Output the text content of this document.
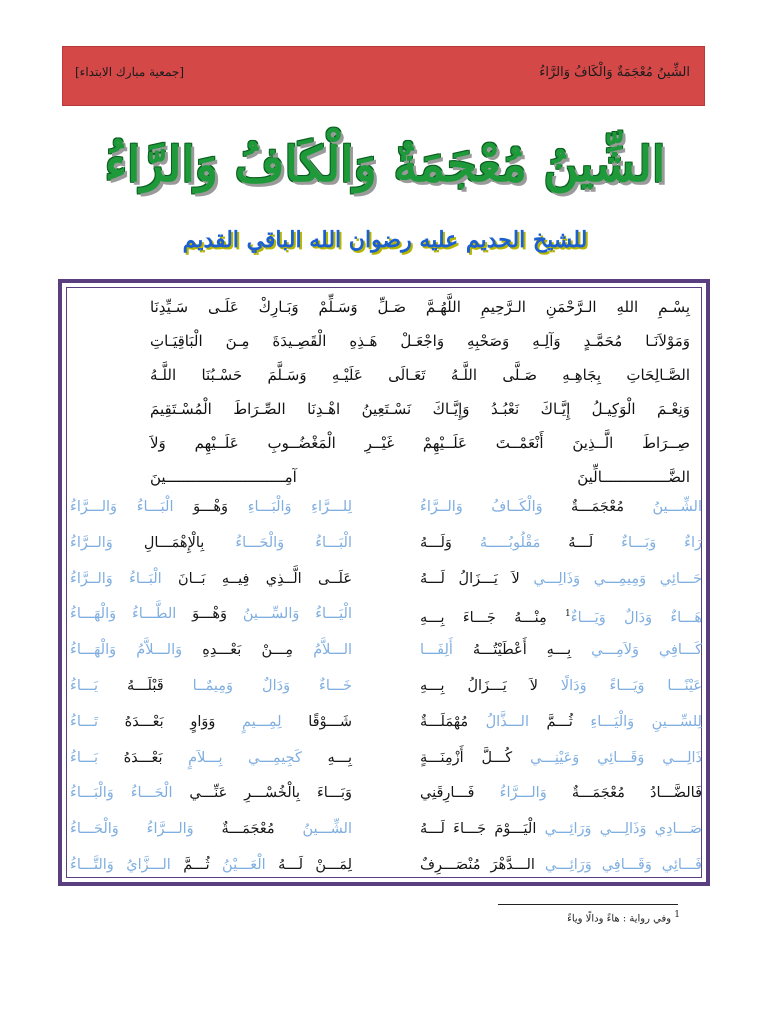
الشِّينُ مُعْجَمَةٌ وَالْكَافُ وَالرَّاءُ
[جمعية مبارك الابتداء]
الشِّينُ مُعْجَمَةٌ وَالْكَافُ وَالرَّاءُ
للشيخ الحديم عليه رضوان الله الباقي القديم
بِسْـمِ اللهِ الـرَّحْمَنِ الـرَّحِيمِ اللَّهُـمَّ صَـلِّ وَسَـلِّمْ وَبَـارِكْ عَلَـى سَـيِّدِنَا
وَمَوْلاَنَـا مُحَمَّـدٍ وَآلِـهِ وَصَحْبِهِ وَاجْعَـلْ هَـذِهِ الْقَصِـيدَةَ مِـنَ الْبَاقِيَـاتِ
الصَّـالِحَاتِ بِجَاهِـهِ صَـلَّى اللَّـهُ تَعَـالَى عَلَيْـهِ وَسَـلَّمَ حَسْـبُنَا اللَّـهُ
وَنِعْـمَ الْوَكِيـلُ إِيَّـاكَ نَعْبُـدُ وَإِيَّـاكَ نَسْـتَعِينُ اهْـدِنَا الصِّـرَاطَ الْمُسْـتَقِيمَ
صِــرَاطَ الَّــذِينَ أَنْعَمْــتَ عَلَــيْهِمْ غَيْــرِ الْمَغْضُــوبِ عَلَــيْهِم وَلاَ
الضَّـــــــــــــــالِّينَ آمِـــــــــــــــــــــــــــينَ
الشِّـــينُ مُعْجَمَـــةٌ وَالْكَــافُ وَالــرَّاءُ
لِلـــرَّاءِ وَالْبَـــاءِ وَهْـــوَ الْبَـــاءُ وَالـــرَّاءُ
رَاءٌ وَبَـــاءٌ لَـــهُ مَقْلُوبُـــــهُ وَلَـــهُ
الْبَـــاءُ وَالْحَـــاءُ بِالْإِهْمَـــالِ وَالــرَّاءُ
حَـــائِي وَمِيمِـــي وَذَالِـــي لاَ يَـــزَالُ لَـــهُ
عَلَــى الَّــذِي فِيــهِ بَــانَ الْبَــاءُ وَالــرَّاءُ
هَـــاءٌ وَدَالٌ وَيَـــاءٌ$^1$ مِنْـــهُ جَـــاءَ بِـــهِ
الْيَـــاءُ وَالسِّـــينُ وَهْـــوَ الطَّـــاءُ وَالْهَـــاءُ
كَـــافِي وَلاَمِـــي بِـــهِ أَعْطَيْتُـــهُ أَلِفَـــا
الـــلاَّمُ مِـــنْ بَعْـــدِهِ وَالـــلاَّمُ وَالْهَـــاءُ
عَيْنًـــا وَيَـــاءً وَدَالًا لاَ يَـــزَالُ بِـــهِ
خَـــاءٌ وَدَالٌ وَمِيمٌــا قَبْلَـــهُ يَـــاءُ
لِلسِّـــينِ وَالْيَـــاءِ ثُـــمَّ الـــذَّالُ مُهْمَلَـــةٌ
شَـــوْقًا لِمِـــيمٍ وَوَاوٍ بَعْـــدَهُ تَـــاءُ
ذَالِـــي وَقَـــائِي وَعَيْنِـــي كُـــلَّ أَزْمِنَـــةٍ
بِـــهِ كَجِيمِـــي بِـــلاَمٍ بَعْـــدَهُ بَـــاءُ
فَالضَّـــادُ مُعْجَمَـــةٌ وَالـــرَّاءُ فَـــارِقَنِي
وَبَـــاءَ بِالْخُسْـــرِ عَنِّـــي الْحَـــاءُ وَالْبَـــاءُ
صَـــادِي وَذَالِـــي وَرَائِـــي الْيَـــوْمَ جَـــاءَ لَـــهُ
الشِّـــينُ مُعْجَمَـــةٌ وَالـــرَّاءُ وَالْحَـــاءُ
فَـــائِي وَقَـــافِي وَرَائِـــي الـــدَّهْرَ مُنْصَـــرِفٌ
لِمَـــنْ لَـــهُ الْعَـــيْنُ ثُـــمَّ الـــزَّايُ وَالتَّـــاءُ
$^1$ وفي رواية : هاءً ودالًا وياءً
